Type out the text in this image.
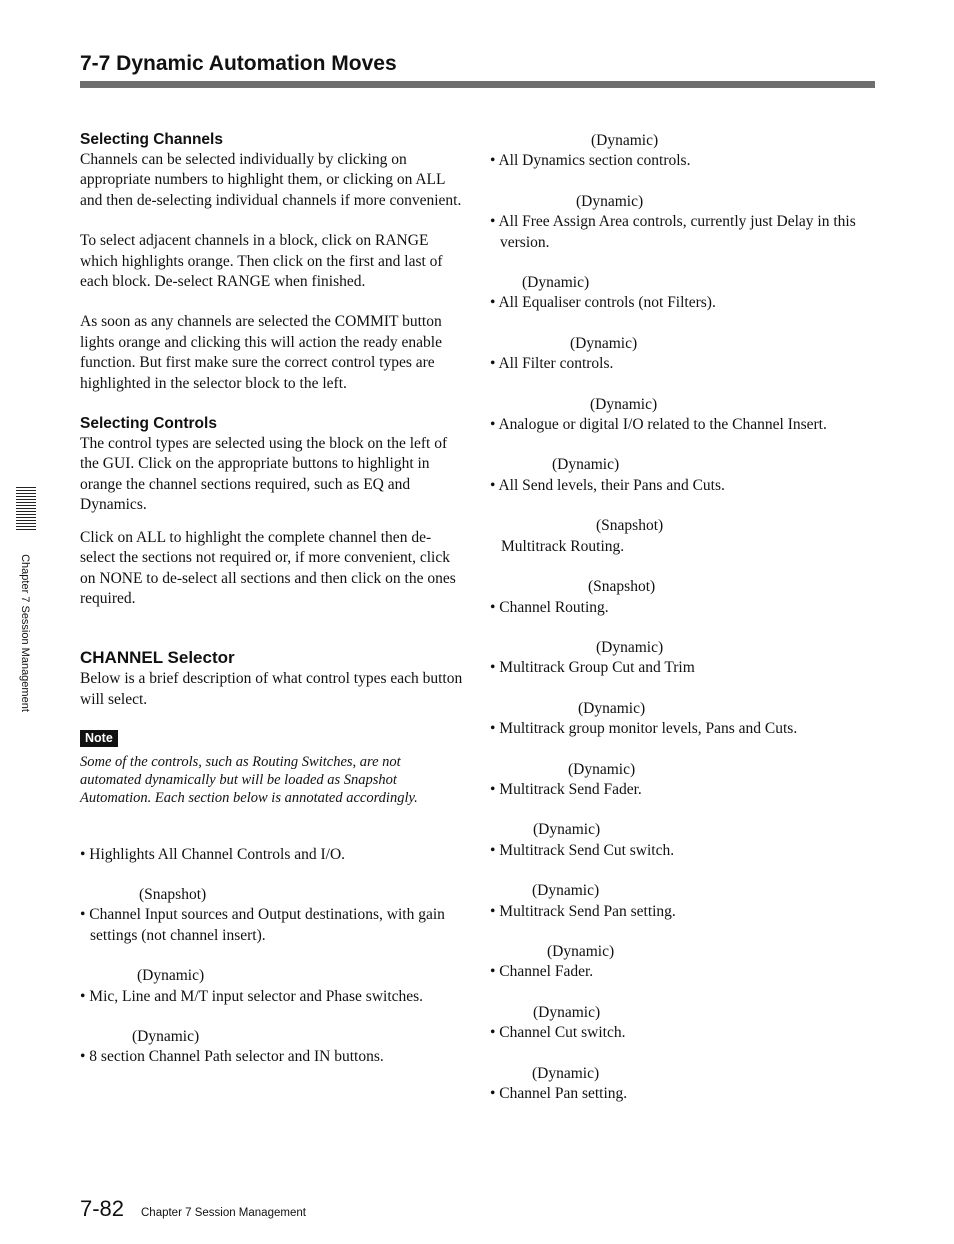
7-7 Dynamic Automation Moves
Chapter 7 Session Management
Selecting Channels

Channels can be selected individually by clicking on appropriate numbers to highlight them, or clicking on ALL and then de-selecting individual channels if more convenient.

To select adjacent channels in a block, click on RANGE which highlights orange. Then click on the first and last of each block. De-select RANGE when finished.

As soon as any channels are selected the COMMIT button lights orange and clicking this will action the ready enable function. But first make sure the correct control types are highlighted in the selector block to the left.

Selecting Controls

The control types are selected using the block on the left of the GUI. Click on the appropriate buttons to highlight in orange the channel sections required, such as EQ and Dynamics.

Click on ALL to highlight the complete channel then de-select the sections not required or, if more convenient, click on NONE to de-select all sections and then click on the ones required.

CHANNEL Selector

Below is a brief description of what control types each button will select.

Note

Some of the controls, such as Routing Switches, are not automated dynamically but will be loaded as Snapshot Automation. Each section below is annotated accordingly.

• Highlights All Channel Controls and I/O.
(Snapshot)
• Channel Input sources and Output destinations, with gain settings (not channel insert).
(Dynamic)
• Mic, Line and M/T input selector and Phase switches.
(Dynamic)
• 8 section Channel Path selector and IN buttons.
(Dynamic)
• All Dynamics section controls.
(Dynamic)
• All Free Assign Area controls, currently just Delay in this version.
(Dynamic)
• All Equaliser controls (not Filters).
(Dynamic)
• All Filter controls.
(Dynamic)
• Analogue or digital I/O related to the Channel Insert.
(Dynamic)
• All Send levels, their Pans and Cuts.
(Snapshot)
Multitrack Routing.
(Snapshot)
• Channel Routing.
(Dynamic)
• Multitrack Group Cut and Trim
(Dynamic)
• Multitrack group monitor levels, Pans and Cuts.
(Dynamic)
• Multitrack Send Fader.
(Dynamic)
• Multitrack Send Cut switch.
(Dynamic)
• Multitrack Send Pan setting.
(Dynamic)
• Channel Fader.
(Dynamic)
• Channel Cut switch.
(Dynamic)
• Channel Pan setting.
7-82 Chapter 7 Session Management
